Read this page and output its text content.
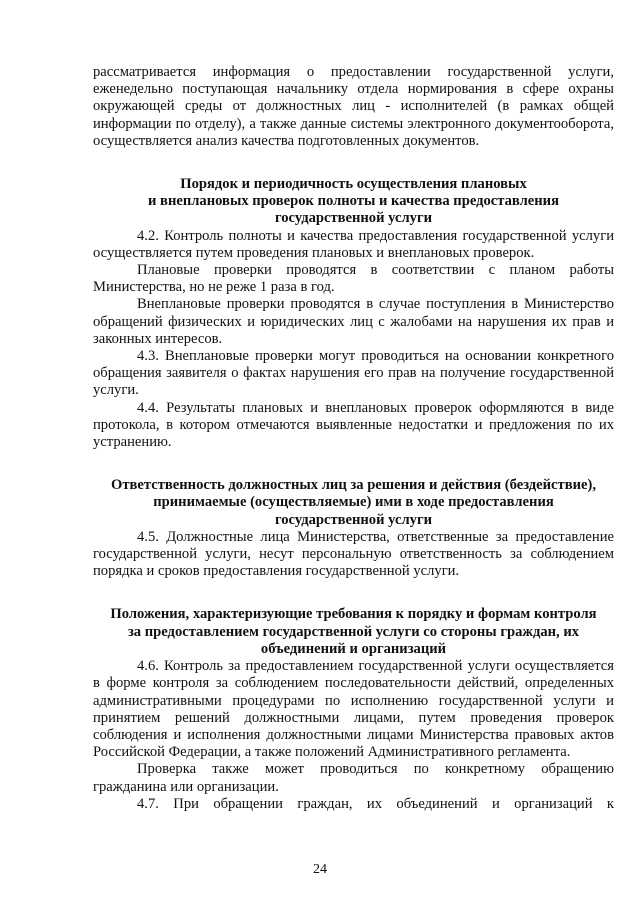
рассматривается информация о предоставлении государственной услуги, еженедельно поступающая начальнику отдела нормирования в сфере охраны окружающей среды от должностных лиц - исполнителей (в рамках общей информации по отделу), а также данные системы электронного документооборота, осуществляется анализ качества подготовленных документов.

Порядок и периодичность осуществления плановых
и внеплановых проверок полноты и качества предоставления
государственной услуги

4.2. Контроль полноты и качества предоставления государственной услуги осуществляется путем проведения плановых и внеплановых проверок.

Плановые проверки проводятся в соответствии с планом работы Министерства, но не реже 1 раза в год.

Внеплановые проверки проводятся в случае поступления в Министерство обращений физических и юридических лиц с жалобами на нарушения их прав и законных интересов.

4.3. Внеплановые проверки могут проводиться на основании конкретного обращения заявителя о фактах нарушения его прав на получение государственной услуги.

4.4. Результаты плановых и внеплановых проверок оформляются в виде протокола, в котором отмечаются выявленные недостатки и предложения по их устранению.

Ответственность должностных лиц за решения и действия (бездействие),
принимаемые (осуществляемые) ими в ходе предоставления
государственной услуги

4.5. Должностные лица Министерства, ответственные за предоставление государственной услуги, несут персональную ответственность за соблюдением порядка и сроков предоставления государственной услуги.

Положения, характеризующие требования к порядку и формам контроля
за предоставлением государственной услуги со стороны граждан, их
объединений и организаций

4.6. Контроль за предоставлением государственной услуги осуществляется в форме контроля за соблюдением последовательности действий, определенных административными процедурами по исполнению государственной услуги и принятием решений должностными лицами, путем проведения проверок соблюдения и исполнения должностными лицами Министерства правовых актов Российской Федерации, а также положений Административного регламента.

Проверка также может проводиться по конкретному обращению гражданина или организации.

4.7. При обращении граждан, их объединений и организаций к

24
